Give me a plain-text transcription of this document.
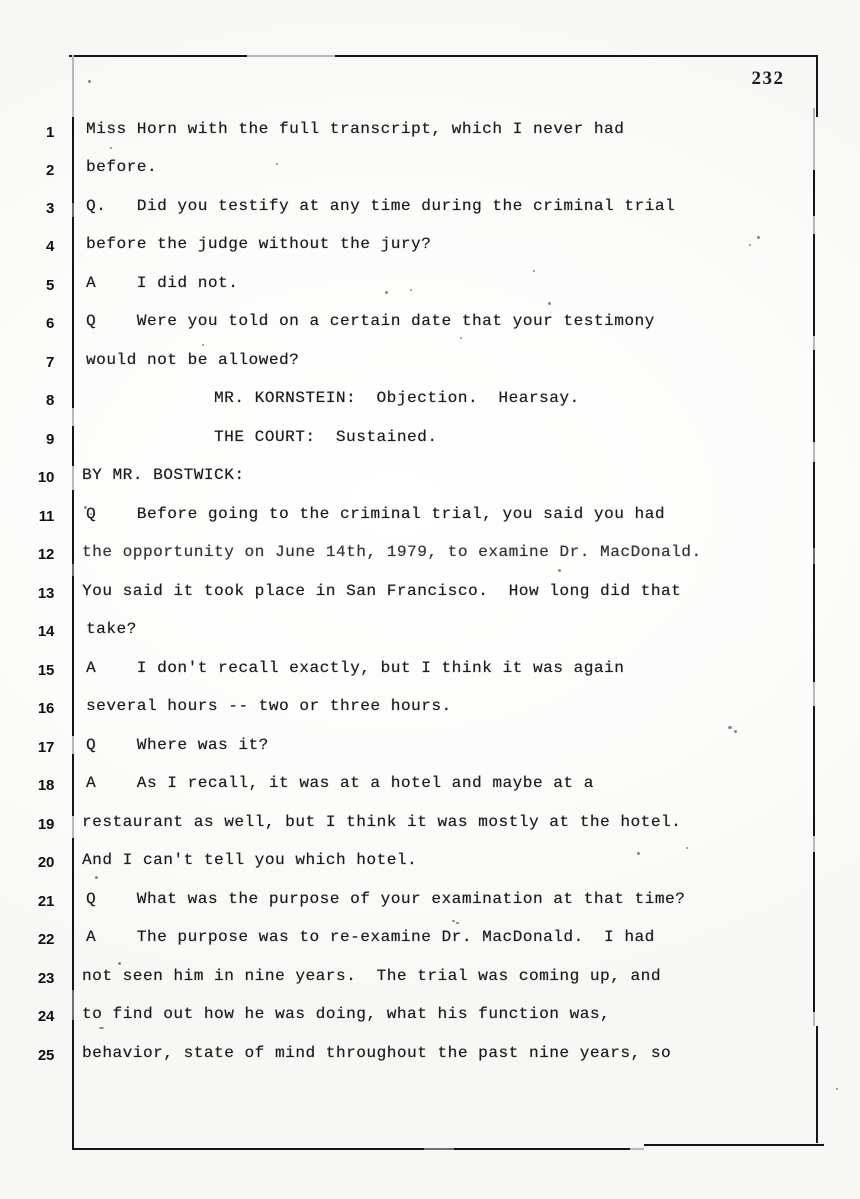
232
1
2
3
4
5
6
7
8
9
10
11
12
13
14
15
16
17
18
19
20
21
22
23
24
25
Miss Horn with the full transcript, which I never had
before.
Q.   Did you testify at any time during the criminal trial
before the judge without the jury?
A    I did not.
Q    Were you told on a certain date that your testimony
would not be allowed?
MR. KORNSTEIN:  Objection.  Hearsay.
THE COURT:  Sustained.
BY MR. BOSTWICK:
Q    Before going to the criminal trial, you said you had
the opportunity on June 14th, 1979, to examine Dr. MacDonald.
You said it took place in San Francisco.  How long did that
take?
A    I don't recall exactly, but I think it was again
several hours -- two or three hours.
Q    Where was it?
A    As I recall, it was at a hotel and maybe at a
restaurant as well, but I think it was mostly at the hotel.
And I can't tell you which hotel.
Q    What was the purpose of your examination at that time?
A    The purpose was to re-examine Dr. MacDonald.  I had
not seen him in nine years.  The trial was coming up, and
to find out how he was doing, what his function was,
behavior, state of mind throughout the past nine years, so
